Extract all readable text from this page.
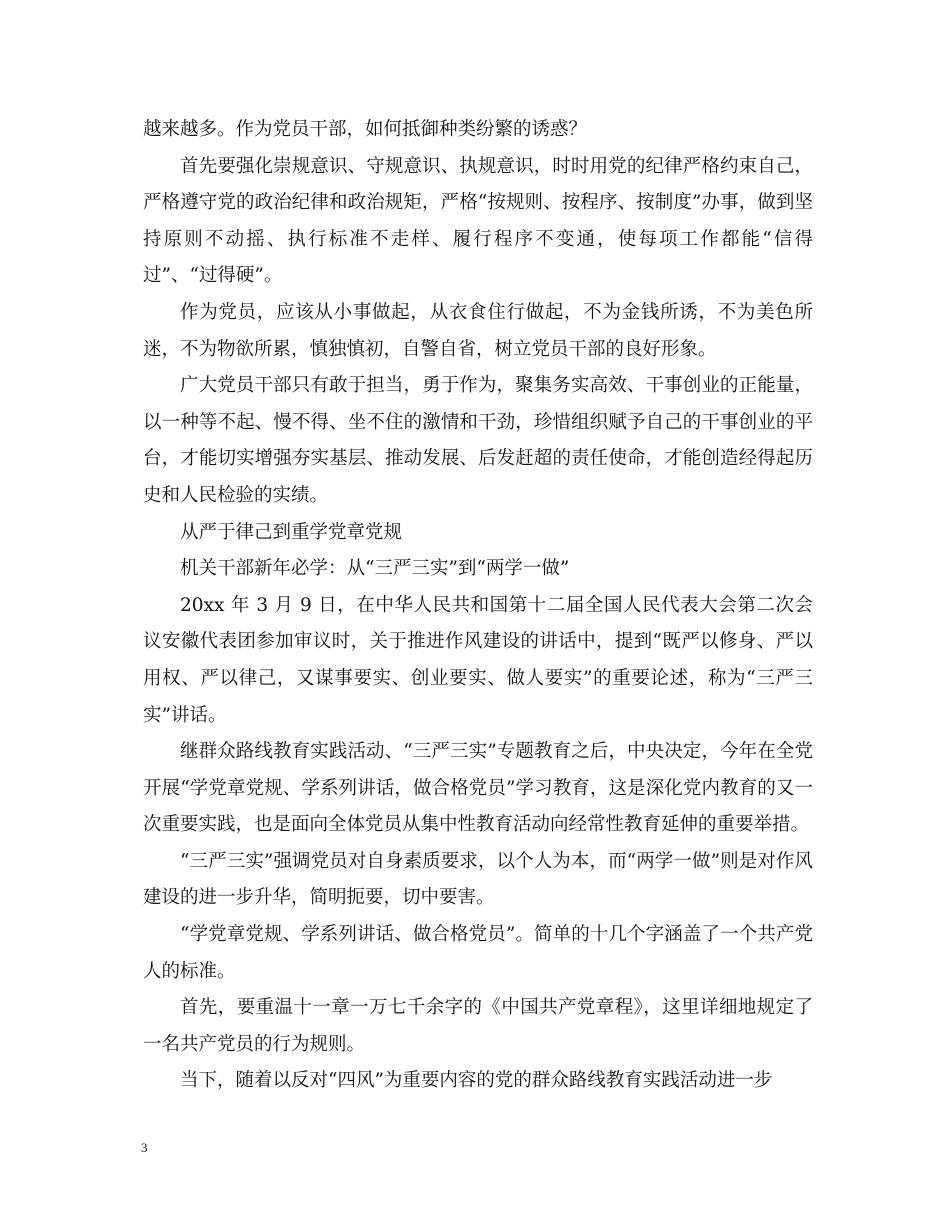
越来越多。作为党员干部，如何抵御种类纷繁的诱惑？

首先要强化崇规意识、守规意识、执规意识，时时用党的纪律严格约束自己，严格遵守党的政治纪律和政治规矩，严格“按规则、按程序、按制度”办事，做到坚持原则不动摇、执行标准不走样、履行程序不变通，使每项工作都能“信得过”、“过得硬”。

作为党员，应该从小事做起，从衣食住行做起，不为金钱所诱，不为美色所迷，不为物欲所累，慎独慎初，自警自省，树立党员干部的良好形象。

广大党员干部只有敢于担当，勇于作为，聚集务实高效、干事创业的正能量，以一种等不起、慢不得、坐不住的激情和干劲，珍惜组织赋予自己的干事创业的平台，才能切实增强夯实基层、推动发展、后发赶超的责任使命，才能创造经得起历史和人民检验的实绩。

从严于律己到重学党章党规

机关干部新年必学：从“三严三实”到“两学一做”

20xx 年 3 月 9 日，在中华人民共和国第十二届全国人民代表大会第二次会议安徽代表团参加审议时，关于推进作风建设的讲话中，提到“既严以修身、严以用权、严以律己，又谋事要实、创业要实、做人要实”的重要论述，称为“三严三实”讲话。

继群众路线教育实践活动、“三严三实”专题教育之后，中央决定，今年在全党开展“学党章党规、学系列讲话，做合格党员”学习教育，这是深化党内教育的又一次重要实践，也是面向全体党员从集中性教育活动向经常性教育延伸的重要举措。

“三严三实”强调党员对自身素质要求，以个人为本，而“两学一做”则是对作风建设的进一步升华，简明扼要，切中要害。

“学党章党规、学系列讲话、做合格党员”。简单的十几个字涵盖了一个共产党人的标准。

首先，要重温十一章一万七千余字的《中国共产党章程》，这里详细地规定了一名共产党员的行为规则。

当下，随着以反对“四风”为重要内容的党的群众路线教育实践活动进一步

3
